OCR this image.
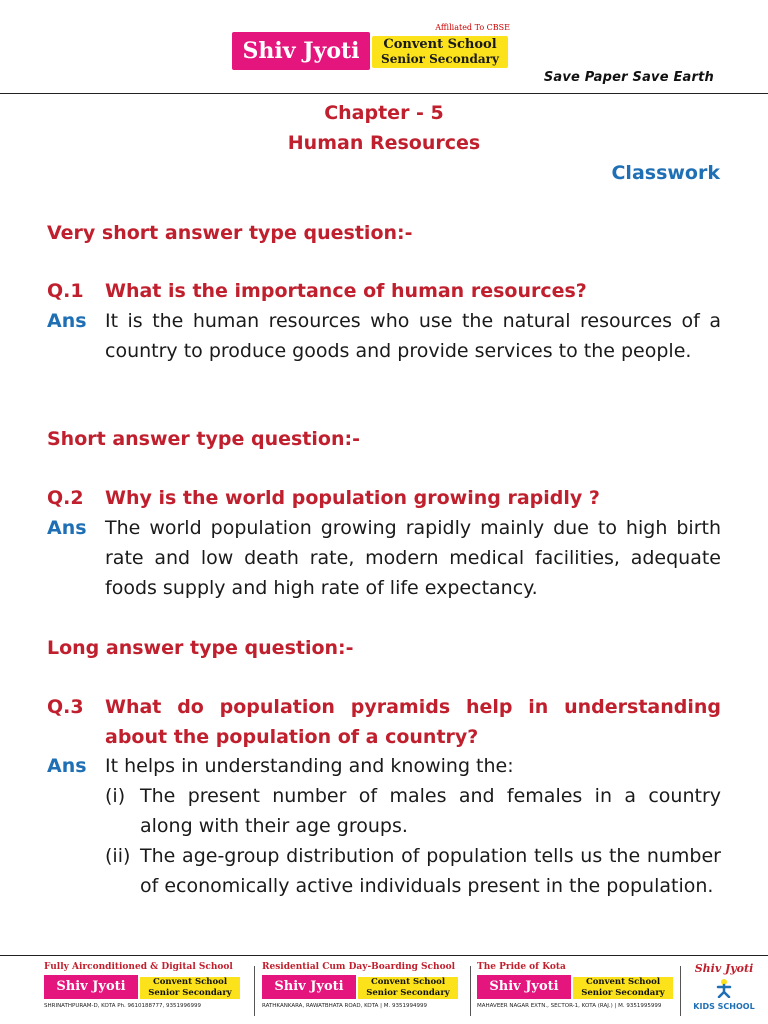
Shiv Jyoti
Affiliated To CBSE
Convent School
Senior Secondary
Save Paper Save Earth
Chapter - 5
Human Resources
Classwork
Very short answer type question:-
Q.1 What is the importance of human resources?
Ans It is the human resources who use the natural resources of a country to produce goods and provide services to the people.
Short answer type question:-
Q.2 Why is the world population growing rapidly ?
Ans The world population growing rapidly mainly due to high birth rate and low death rate, modern medical facilities, adequate foods supply and high rate of life expectancy.
Long answer type question:-
Q.3 What do population pyramids help in understanding about the population of a country?
Ans It helps in understanding and knowing the:
(i) The present number of males and females in a country along with their age groups.
(ii) The age-group distribution of population tells us the number of economically active individuals present in the population.
Fully Airconditioned & Digital School
Shiv Jyoti	Convent School
Senior Secondary
SHRINATHPURAM-D, KOTA Ph. 9610188777, 9351996999
Residential Cum Day-Boarding School
Shiv Jyoti	Convent School
Senior Secondary
RATHKANKARA, RAWATBHATA ROAD, KOTA | M. 9351994999
The Pride of Kota
Shiv Jyoti	Convent School
Senior Secondary
MAHAVEER NAGAR EXTN., SECTOR-1, KOTA (RAJ.) | M. 9351995999
Shiv Jyoti
KIDS SCHOOL
